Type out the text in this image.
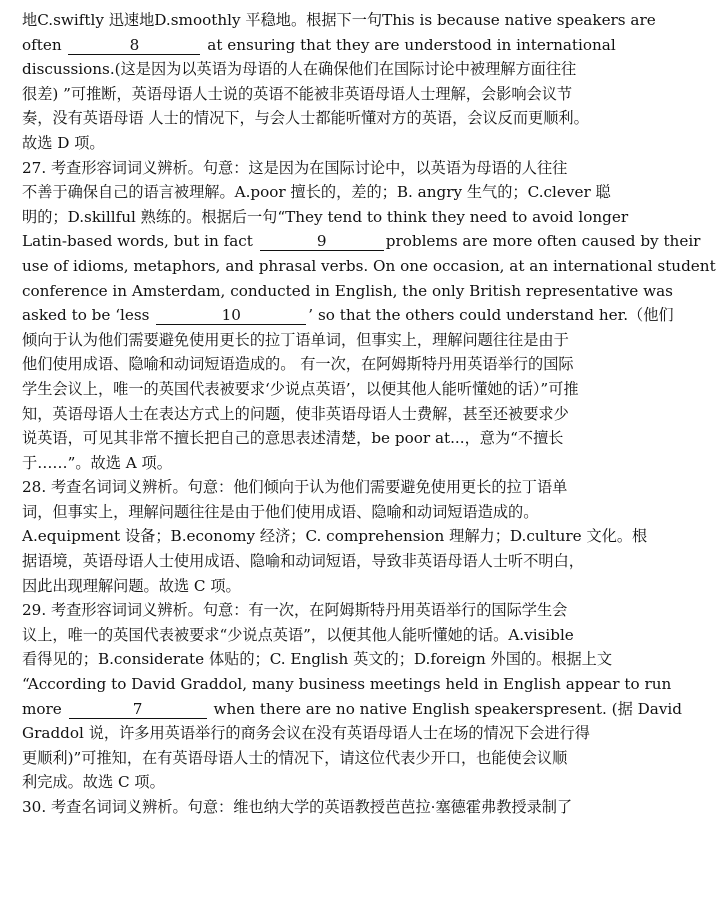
地C.swiftly 迅速地D.smoothly 平稳地。根据下一句This is because native speakers are
often	8	at ensuring that they are understood in international
discussions.(这是因为以英语为母语的人在确保他们在国际讨论中被理解方面往往
很差) ”可推断，英语母语人士说的英语不能被非英语母语人士理解，会影响会议节
奏，没有英语母语 人士的情况下，与会人士都能听懂对方的英语，会议反而更顺利。
故选 D 项。
27. 考查形容词词义辨析。句意：这是因为在国际讨论中，以英语为母语的人往往
不善于确保自己的语言被理解。A.poor 擅长的，差的；B. angry 生气的；C.clever 聪
明的；D.skillful 熟练的。根据后一句“They tend to think they need to avoid longer
Latin-based words, but in fact	9	problems are more often caused by their
use of idioms, metaphors, and phrasal verbs. On one occasion, at an international student
conference in Amsterdam, conducted in English, the only British representative was
asked to be ‘less	10	’ so that the others could understand her.（他们
倾向于认为他们需要避免使用更长的拉丁语单词，但事实上，理解问题往往是由于
他们使用成语、隐喻和动词短语造成的。 有一次，在阿姆斯特丹用英语举行的国际
学生会议上，唯一的英国代表被要求‘少说点英语’，以便其他人能听懂她的话）”可推
知，英语母语人士在表达方式上的问题，使非英语母语人士费解，甚至还被要求少
说英语，可见其非常不擅长把自己的意思表述清楚，be poor at...，意为“不擅长
于……”。故选 A 项。
28. 考查名词词义辨析。句意：他们倾向于认为他们需要避免使用更长的拉丁语单
词，但事实上，理解问题往往是由于他们使用成语、隐喻和动词短语造成的。
A.equipment 设备；B.economy 经济；C. comprehension 理解力；D.culture 文化。根
据语境，英语母语人士使用成语、隐喻和动词短语，导致非英语母语人士听不明白，
因此出现理解问题。故选 C 项。
29. 考查形容词词义辨析。句意：有一次，在阿姆斯特丹用英语举行的国际学生会
议上，唯一的英国代表被要求“少说点英语”，以便其他人能听懂她的话。A.visible
看得见的；B.considerate 体贴的；C. English 英文的；D.foreign 外国的。根据上文
“According to David Graddol, many business meetings held in English appear to run
more	7	when there are no native English speakerspresent. (据 David
Graddol 说，许多用英语举行的商务会议在没有英语母语人士在场的情况下会进行得
更顺利)”可推知，在有英语母语人士的情况下，请这位代表少开口，也能使会议顺
利完成。故选 C 项。
30. 考查名词词义辨析。句意：维也纳大学的英语教授芭芭拉·塞德霍弗教授录制了
